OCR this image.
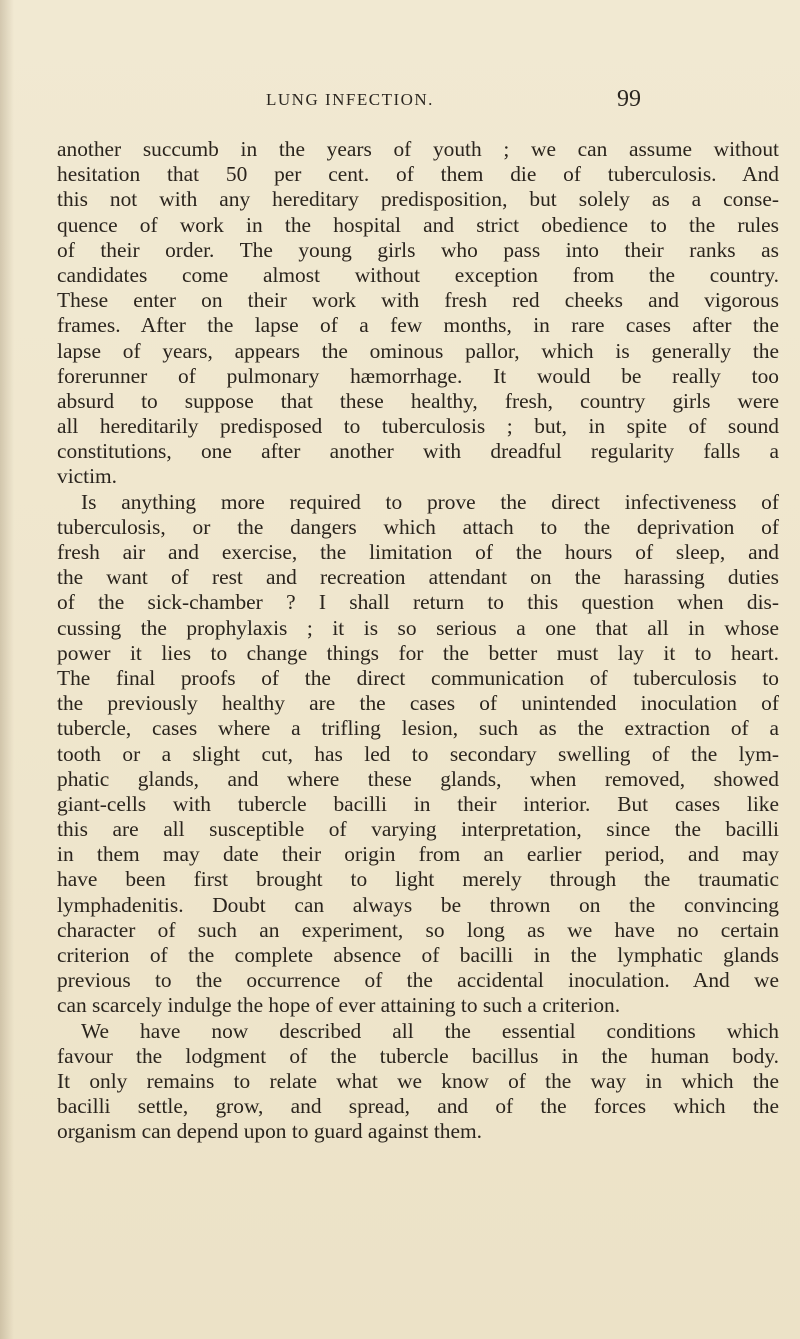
LUNG INFECTION.	99
another succumb in the years of youth ; we can assume without
hesitation that 50 per cent. of them die of tuberculosis. And
this not with any hereditary predisposition, but solely as a conse-
quence of work in the hospital and strict obedience to the rules
of their order. The young girls who pass into their ranks as
candidates come almost without exception from the country.
These enter on their work with fresh red cheeks and vigorous
frames. After the lapse of a few months, in rare cases after the
lapse of years, appears the ominous pallor, which is generally the
forerunner of pulmonary hæmorrhage. It would be really too
absurd to suppose that these healthy, fresh, country girls were
all hereditarily predisposed to tuberculosis ; but, in spite of sound
constitutions, one after another with dreadful regularity falls a
victim.
Is anything more required to prove the direct infectiveness of
tuberculosis, or the dangers which attach to the deprivation of
fresh air and exercise, the limitation of the hours of sleep, and
the want of rest and recreation attendant on the harassing duties
of the sick-chamber ? I shall return to this question when dis-
cussing the prophylaxis ; it is so serious a one that all in whose
power it lies to change things for the better must lay it to heart.
The final proofs of the direct communication of tuberculosis to
the previously healthy are the cases of unintended inoculation of
tubercle, cases where a trifling lesion, such as the extraction of a
tooth or a slight cut, has led to secondary swelling of the lym-
phatic glands, and where these glands, when removed, showed
giant-cells with tubercle bacilli in their interior. But cases like
this are all susceptible of varying interpretation, since the bacilli
in them may date their origin from an earlier period, and may
have been first brought to light merely through the traumatic
lymphadenitis. Doubt can always be thrown on the convincing
character of such an experiment, so long as we have no certain
criterion of the complete absence of bacilli in the lymphatic glands
previous to the occurrence of the accidental inoculation. And we
can scarcely indulge the hope of ever attaining to such a criterion.
We have now described all the essential conditions which
favour the lodgment of the tubercle bacillus in the human body.
It only remains to relate what we know of the way in which the
bacilli settle, grow, and spread, and of the forces which the
organism can depend upon to guard against them.
